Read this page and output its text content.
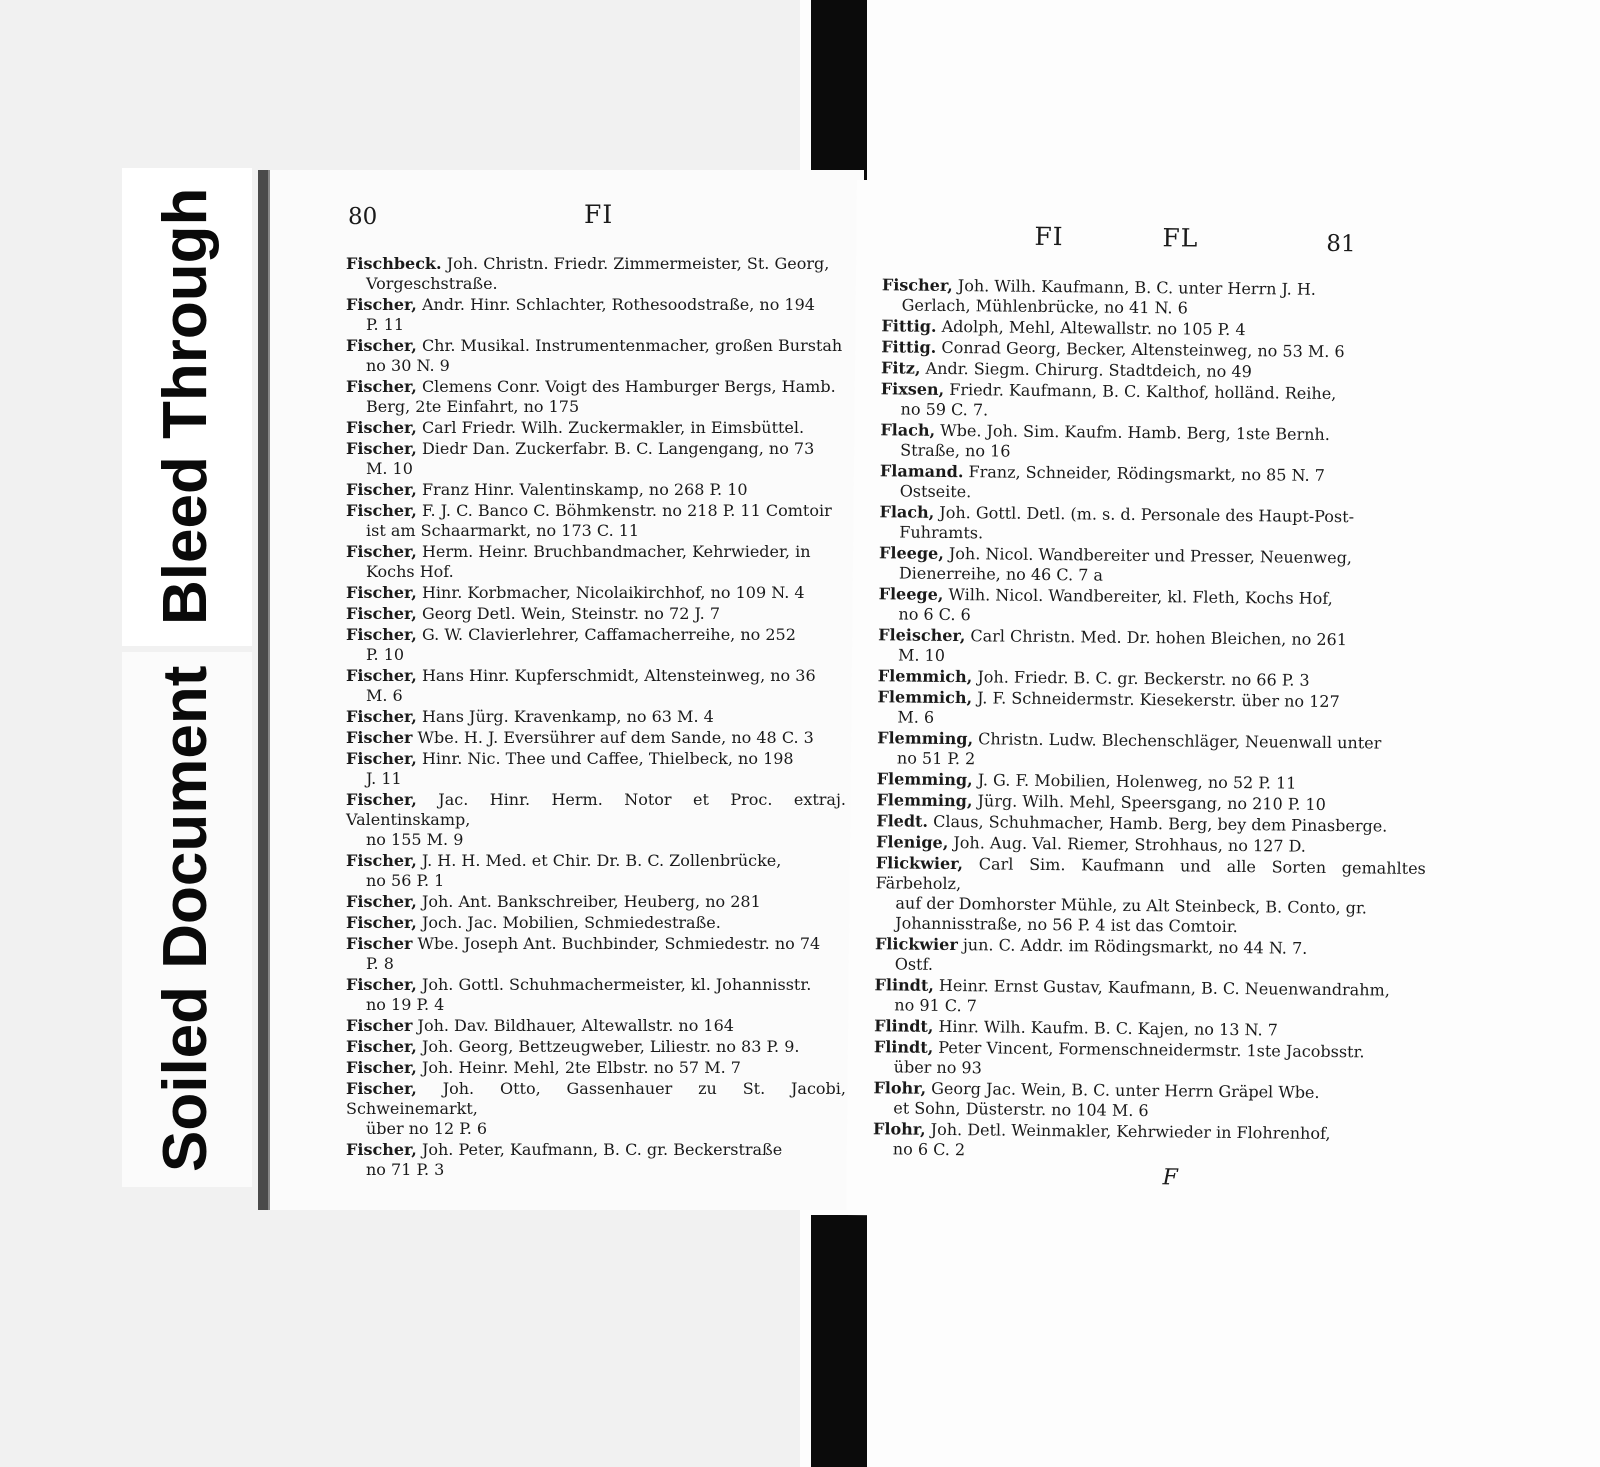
Bleed Through
Soiled Document
80	FI
Fischbeck. Joh. Christn. Friedr. Zimmermeister, St. Georg,
Vorgeschstraße.
Fischer, Andr. Hinr. Schlachter, Rothesoodstraße, no 194
P. 11
Fischer, Chr. Musikal. Instrumentenmacher, großen Burstah
no 30 N. 9
Fischer, Clemens Conr. Voigt des Hamburger Bergs, Hamb.
Berg, 2te Einfahrt, no 175
Fischer, Carl Friedr. Wilh. Zuckermakler, in Eimsbüttel.
Fischer, Diedr Dan. Zuckerfabr. B. C. Langengang, no 73
M. 10
Fischer, Franz Hinr. Valentinskamp, no 268 P. 10
Fischer, F. J. C. Banco C. Böhmkenstr. no 218 P. 11 Comtoir
ist am Schaarmarkt, no 173 C. 11
Fischer, Herm. Heinr. Bruchbandmacher, Kehrwieder, in
Kochs Hof.
Fischer, Hinr. Korbmacher, Nicolaikirchhof, no 109 N. 4
Fischer, Georg Detl. Wein, Steinstr. no 72 J. 7
Fischer, G. W. Clavierlehrer, Caffamacherreihe, no 252
P. 10
Fischer, Hans Hinr. Kupferschmidt, Altensteinweg, no 36
M. 6
Fischer, Hans Jürg. Kravenkamp, no 63 M. 4
Fischer Wbe. H. J. Eversührer auf dem Sande, no 48 C. 3
Fischer, Hinr. Nic. Thee und Caffee, Thielbeck, no 198
J. 11
Fischer, Jac. Hinr. Herm. Notor et Proc. extraj. Valentinskamp,
no 155 M. 9
Fischer, J. H. H. Med. et Chir. Dr. B. C. Zollenbrücke,
no 56 P. 1
Fischer, Joh. Ant. Bankschreiber, Heuberg, no 281
Fischer, Joch. Jac. Mobilien, Schmiedestraße.
Fischer Wbe. Joseph Ant. Buchbinder, Schmiedestr. no 74
P. 8
Fischer, Joh. Gottl. Schuhmachermeister, kl. Johannisstr.
no 19 P. 4
Fischer Joh. Dav. Bildhauer, Altewallstr. no 164
Fischer, Joh. Georg, Bettzeugweber, Liliestr. no 83 P. 9.
Fischer, Joh. Heinr. Mehl, 2te Elbstr. no 57 M. 7
Fischer, Joh. Otto, Gassenhauer zu St. Jacobi, Schweinemarkt,
über no 12 P. 6
Fischer, Joh. Peter, Kaufmann, B. C. gr. Beckerstraße
no 71 P. 3
FI	FL	81
Fischer, Joh. Wilh. Kaufmann, B. C. unter Herrn J. H.
Gerlach, Mühlenbrücke, no 41 N. 6
Fittig. Adolph, Mehl, Altewallstr. no 105 P. 4
Fittig. Conrad Georg, Becker, Altensteinweg, no 53 M. 6
Fitz, Andr. Siegm. Chirurg. Stadtdeich, no 49
Fixsen, Friedr. Kaufmann, B. C. Kalthof, holländ. Reihe,
no 59 C. 7.
Flach, Wbe. Joh. Sim. Kaufm. Hamb. Berg, 1ste Bernh.
Straße, no 16
Flamand. Franz, Schneider, Rödingsmarkt, no 85 N. 7
Ostseite.
Flach, Joh. Gottl. Detl. (m. s. d. Personale des Haupt-Post-
Fuhramts.
Fleege, Joh. Nicol. Wandbereiter und Presser, Neuenweg,
Dienerreihe, no 46 C. 7 a
Fleege, Wilh. Nicol. Wandbereiter, kl. Fleth, Kochs Hof,
no 6 C. 6
Fleischer, Carl Christn. Med. Dr. hohen Bleichen, no 261
M. 10
Flemmich, Joh. Friedr. B. C. gr. Beckerstr. no 66 P. 3
Flemmich, J. F. Schneidermstr. Kiesekerstr. über no 127
M. 6
Flemming, Christn. Ludw. Blechenschläger, Neuenwall unter
no 51 P. 2
Flemming, J. G. F. Mobilien, Holenweg, no 52 P. 11
Flemming, Jürg. Wilh. Mehl, Speersgang, no 210 P. 10
Fledt. Claus, Schuhmacher, Hamb. Berg, bey dem Pinasberge.
Flenige, Joh. Aug. Val. Riemer, Strohhaus, no 127 D.
Flickwier, Carl Sim. Kaufmann und alle Sorten gemahltes Färbeholz,
auf der Domhorster Mühle, zu Alt Steinbeck, B. Conto, gr. Johannisstraße, no 56 P. 4 ist das Comtoir.
Flickwier jun. C. Addr. im Rödingsmarkt, no 44 N. 7.
Ostf.
Flindt, Heinr. Ernst Gustav, Kaufmann, B. C. Neuenwandrahm,
no 91 C. 7
Flindt, Hinr. Wilh. Kaufm. B. C. Kajen, no 13 N. 7
Flindt, Peter Vincent, Formenschneidermstr. 1ste Jacobsstr.
über no 93
Flohr, Georg Jac. Wein, B. C. unter Herrn Gräpel Wbe.
et Sohn, Düsterstr. no 104 M. 6
Flohr, Joh. Detl. Weinmakler, Kehrwieder in Flohrenhof,
no 6 C. 2
F
